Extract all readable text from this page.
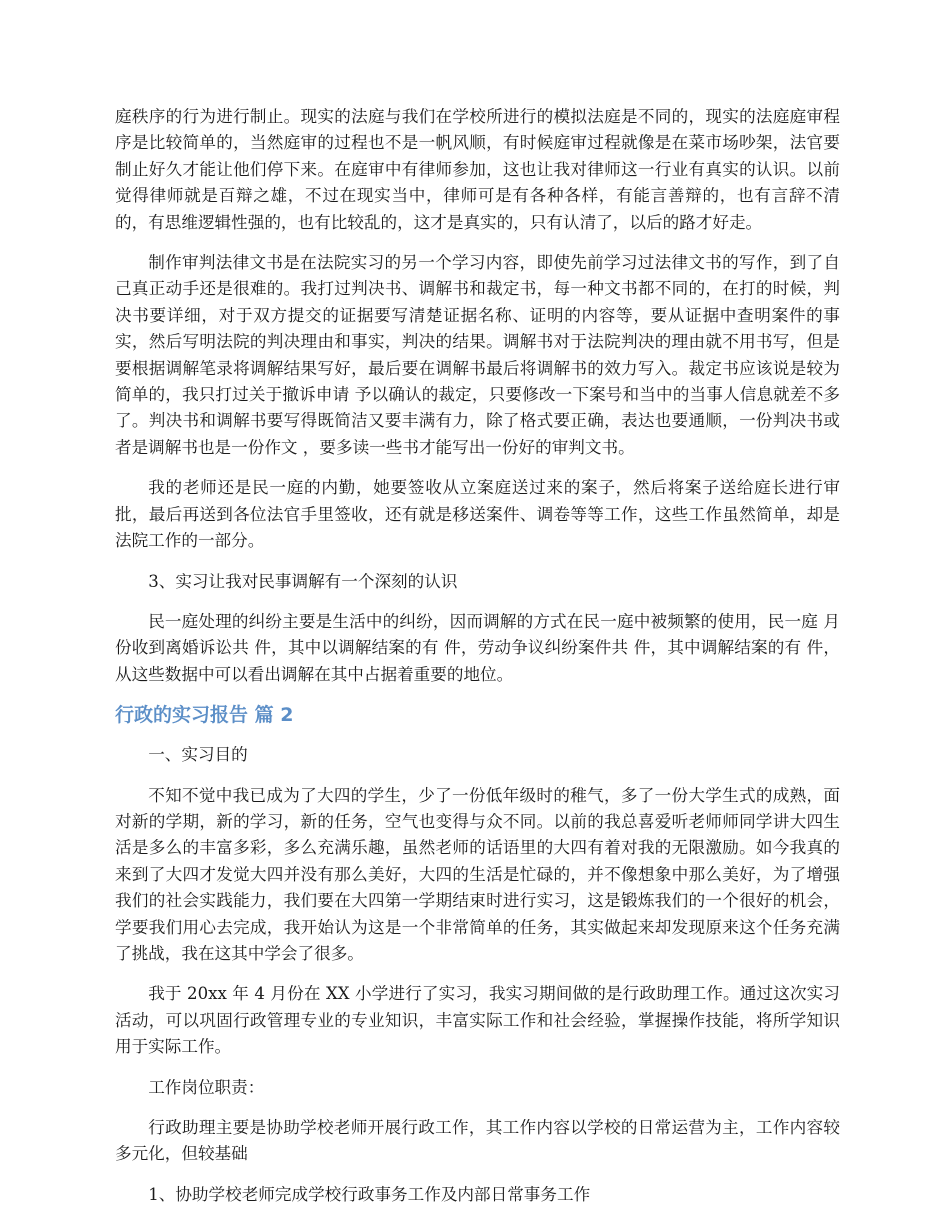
庭秩序的行为进行制止。现实的法庭与我们在学校所进行的模拟法庭是不同的，现实的法庭庭审程序是比较简单的，当然庭审的过程也不是一帆风顺，有时候庭审过程就像是在菜市场吵架，法官要制止好久才能让他们停下来。在庭审中有律师参加，这也让我对律师这一行业有真实的认识。以前觉得律师就是百辩之雄，不过在现实当中，律师可是有各种各样，有能言善辩的，也有言辞不清的，有思维逻辑性强的，也有比较乱的，这才是真实的，只有认清了，以后的路才好走。

制作审判法律文书是在法院实习的另一个学习内容，即使先前学习过法律文书的写作，到了自己真正动手还是很难的。我打过判决书、调解书和裁定书，每一种文书都不同的，在打的时候，判决书要详细，对于双方提交的证据要写清楚证据名称、证明的内容等，要从证据中查明案件的事实，然后写明法院的判决理由和事实，判决的结果。调解书对于法院判决的理由就不用书写，但是要根据调解笔录将调解结果写好，最后要在调解书最后将调解书的效力写入。裁定书应该说是较为简单的，我只打过关于撤诉申请 予以确认的裁定，只要修改一下案号和当中的当事人信息就差不多了。判决书和调解书要写得既简洁又要丰满有力，除了格式要正确，表达也要通顺，一份判决书或者是调解书也是一份作文 ，要多读一些书才能写出一份好的审判文书。

我的老师还是民一庭的内勤，她要签收从立案庭送过来的案子，然后将案子送给庭长进行审批，最后再送到各位法官手里签收，还有就是移送案件、调卷等等工作，这些工作虽然简单，却是法院工作的一部分。

3、实习让我对民事调解有一个深刻的认识

民一庭处理的纠纷主要是生活中的纠纷，因而调解的方式在民一庭中被频繁的使用，民一庭 月份收到离婚诉讼共 件，其中以调解结案的有 件，劳动争议纠纷案件共 件，其中调解结案的有 件， 从这些数据中可以看出调解在其中占据着重要的地位。

行政的实习报告 篇 2

一、实习目的

不知不觉中我已成为了大四的学生，少了一份低年级时的稚气，多了一份大学生式的成熟，面对新的学期，新的学习，新的任务，空气也变得与众不同。以前的我总喜爱听老师师同学讲大四生活是多么的丰富多彩，多么充满乐趣，虽然老师的话语里的大四有着对我的无限激励。如今我真的来到了大四才发觉大四并没有那么美好，大四的生活是忙碌的，并不像想象中那么美好，为了增强我们的社会实践能力，我们要在大四第一学期结束时进行实习，这是锻炼我们的一个很好的机会，学要我们用心去完成，我开始认为这是一个非常简单的任务，其实做起来却发现原来这个任务充满了挑战，我在这其中学会了很多。

我于 20xx 年 4 月份在 XX 小学进行了实习，我实习期间做的是行政助理工作。通过这次实习活动，可以巩固行政管理专业的专业知识，丰富实际工作和社会经验，掌握操作技能，将所学知识用于实际工作。

工作岗位职责：

行政助理主要是协助学校老师开展行政工作，其工作内容以学校的日常运营为主，工作内容较多元化，但较基础

1、协助学校老师完成学校行政事务工作及内部日常事务工作
